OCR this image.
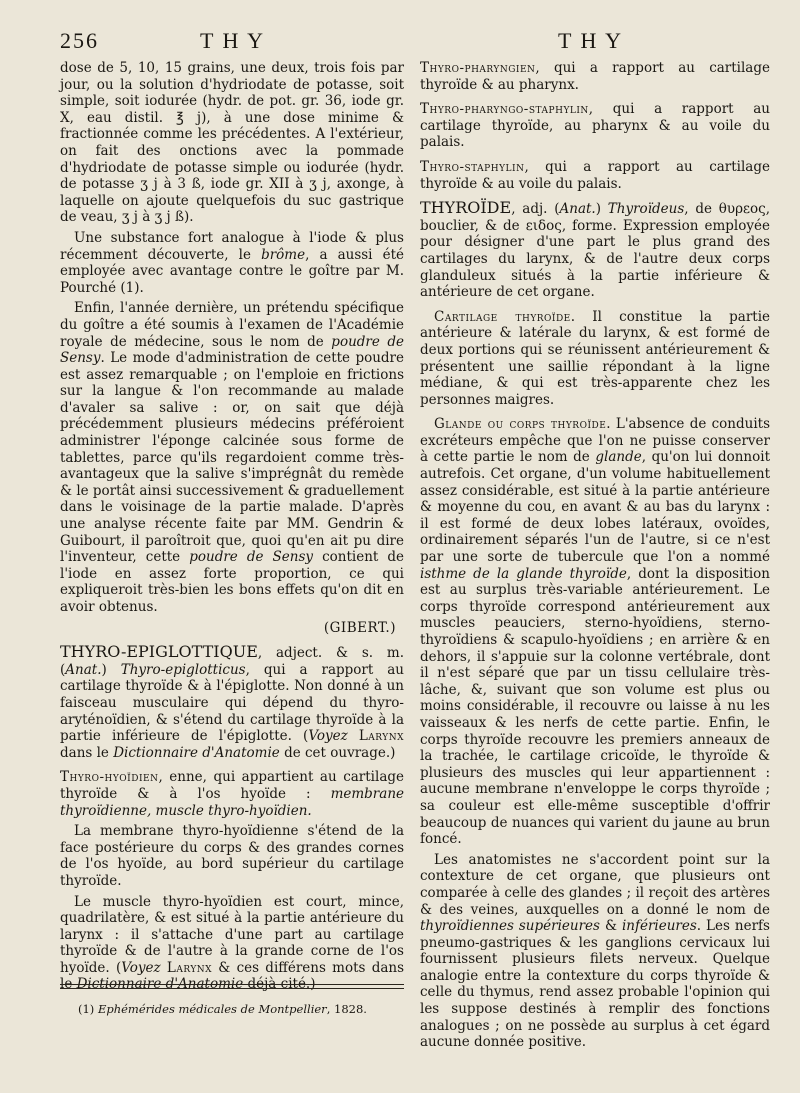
256	T H Y	T H Y

dose de 5, 10, 15 grains, une deux, trois fois par jour, ou la solution d'hydriodate de potasse, soit simple, soit iodurée (hydr. de pot. gr. 36, iode gr. X, eau distil. ℥ j), à une dose minime & fractionnée comme les précédentes. A l'extérieur, on fait des onctions avec la pommade d'hydriodate de potasse simple ou iodurée (hydr. de potasse ʒ j à 3 ß, iode gr. XII à ʒ j, axonge, à laquelle on ajoute quelquefois du suc gastrique de veau, ʒ j à ʒ j ß).

Une substance fort analogue à l'iode & plus récemment découverte, le brôme, a aussi été employée avec avantage contre le goître par M. Pourché (1).

Enfin, l'année dernière, un prétendu spécifique du goître a été soumis à l'examen de l'Académie royale de médecine, sous le nom de poudre de Sensy. Le mode d'administration de cette poudre est assez remarquable ; on l'emploie en frictions sur la langue & l'on recommande au malade d'avaler sa salive : or, on sait que déjà précédemment plusieurs médecins préféroient administrer l'éponge calcinée sous forme de tablettes, parce qu'ils regardoient comme très-avantageux que la salive s'imprégnât du remède & le portât ainsi successivement & graduellement dans le voisinage de la partie malade. D'après une analyse récente faite par MM. Gendrin & Guibourt, il paroîtroit que, quoi qu'en ait pu dire l'inventeur, cette poudre de Sensy contient de l'iode en assez forte proportion, ce qui expliqueroit très-bien les bons effets qu'on dit en avoir obtenus.

(GIBERT.)

THYRO-EPIGLOTTIQUE, adject. & s. m. (Anat.) Thyro-epiglotticus, qui a rapport au cartilage thyroïde & à l'épiglotte. Non donné à un faisceau musculaire qui dépend du thyro-aryténoïdien, & s'étend du cartilage thyroïde à la partie inférieure de l'épiglotte. (Voyez Larynx dans le Dictionnaire d'Anatomie de cet ouvrage.)

Thyro-hyoïdien, enne, qui appartient au cartilage thyroïde & à l'os hyoïde : membrane thyroïdienne, muscle thyro-hyoïdien.

La membrane thyro-hyoïdienne s'étend de la face postérieure du corps & des grandes cornes de l'os hyoïde, au bord supérieur du cartilage thyroïde.

Le muscle thyro-hyoïdien est court, mince, quadrilatère, & est situé à la partie antérieure du larynx : il s'attache d'une part au cartilage thyroïde & de l'autre à la grande corne de l'os hyoïde. (Voyez Larynx & ces différens mots dans le Dictionnaire d'Anatomie déjà cité.)

(1) Ephémérides médicales de Montpellier, 1828.

Thyro-pharyngien, qui a rapport au cartilage thyroïde & au pharynx.

Thyro-pharyngo-staphylin, qui a rapport au cartilage thyroïde, au pharynx & au voile du palais.

Thyro-staphylin, qui a rapport au cartilage thyroïde & au voile du palais.

THYROÏDE, adj. (Anat.) Thyroïdeus, de θυρεος, bouclier, & de ειδος, forme. Expression employée pour désigner d'une part le plus grand des cartilages du larynx, & de l'autre deux corps glanduleux situés à la partie inférieure & antérieure de cet organe.

Cartilage thyroïde. Il constitue la partie antérieure & latérale du larynx, & est formé de deux portions qui se réunissent antérieurement & présentent une saillie répondant à la ligne médiane, & qui est très-apparente chez les personnes maigres.

Glande ou corps thyroïde. L'absence de conduits excréteurs empêche que l'on ne puisse conserver à cette partie le nom de glande, qu'on lui donnoit autrefois. Cet organe, d'un volume habituellement assez considérable, est situé à la partie antérieure & moyenne du cou, en avant & au bas du larynx : il est formé de deux lobes latéraux, ovoïdes, ordinairement séparés l'un de l'autre, si ce n'est par une sorte de tubercule que l'on a nommé isthme de la glande thyroïde, dont la disposition est au surplus très-variable antérieurement. Le corps thyroïde correspond antérieurement aux muscles peauciers, sterno-hyoïdiens, sterno-thyroïdiens & scapulo-hyoïdiens ; en arrière & en dehors, il s'appuie sur la colonne vertébrale, dont il n'est séparé que par un tissu cellulaire très-lâche, &, suivant que son volume est plus ou moins considérable, il recouvre ou laisse à nu les vaisseaux & les nerfs de cette partie. Enfin, le corps thyroïde recouvre les premiers anneaux de la trachée, le cartilage cricoïde, le thyroïde & plusieurs des muscles qui leur appartiennent : aucune membrane n'enveloppe le corps thyroïde ; sa couleur est elle-même susceptible d'offrir beaucoup de nuances qui varient du jaune au brun foncé.

Les anatomistes ne s'accordent point sur la contexture de cet organe, que plusieurs ont comparée à celle des glandes ; il reçoit des artères & des veines, auxquelles on a donné le nom de thyroïdiennes supérieures & inférieures. Les nerfs pneumo-gastriques & les ganglions cervicaux lui fournissent plusieurs filets nerveux. Quelque analogie entre la contexture du corps thyroïde & celle du thymus, rend assez probable l'opinion qui les suppose destinés à remplir des fonctions analogues ; on ne possède au surplus à cet égard aucune donnée positive.
